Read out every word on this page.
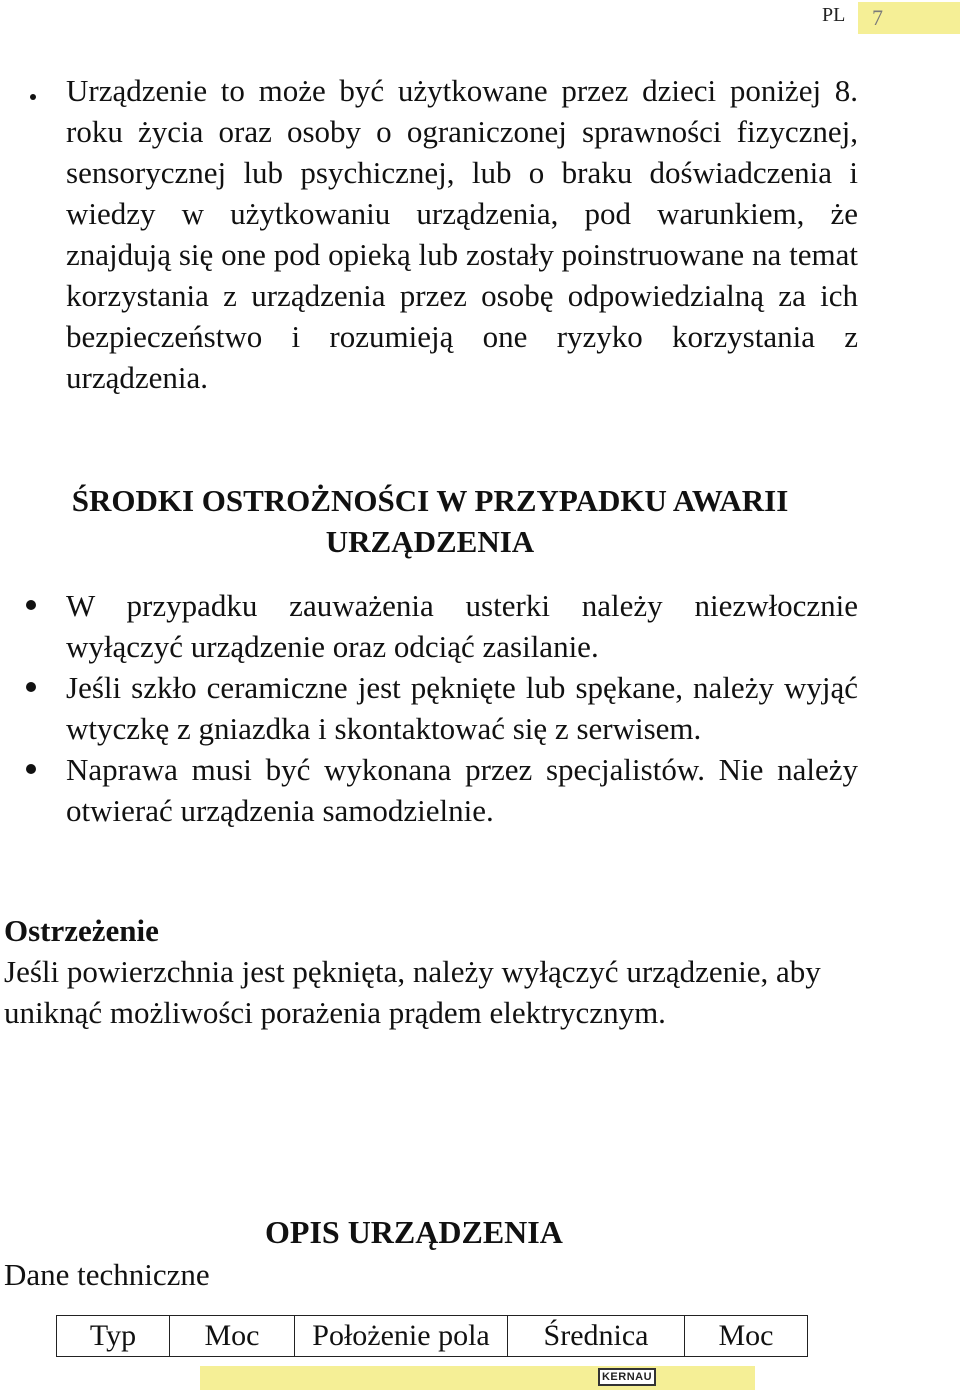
PL	7
Urządzenie to może być użytkowane przez dzieci poniżej 8. roku życia oraz osoby o ograniczonej sprawności fizycznej, sensorycznej lub psychicznej, lub o braku doświadczenia i wiedzy w użytkowaniu urządzenia, pod warunkiem, że znajdują się one pod opieką lub zostały poinstruowane na temat korzystania z urządzenia przez osobę odpowiedzialną za ich bezpieczeństwo i rozumieją one ryzyko korzystania z urządzenia.
ŚRODKI OSTROŻNOŚCI W PRZYPADKU AWARII
URZĄDZENIA
W przypadku zauważenia usterki należy niezwłocznie wyłączyć urządzenie oraz odciąć zasilanie.
Jeśli szkło ceramiczne jest pęknięte lub spękane, należy wyjąć wtyczkę z gniazdka i skontaktować się z serwisem.
Naprawa musi być wykonana przez specjalistów. Nie należy otwierać urządzenia samodzielnie.
Ostrzeżenie
Jeśli powierzchnia jest pęknięta, należy wyłączyć urządzenie, aby uniknąć możliwości porażenia prądem elektrycznym.
OPIS URZĄDZENIA
Dane techniczne
Typ	Moc	Położenie pola	Średnica	Moc
KERNAU
